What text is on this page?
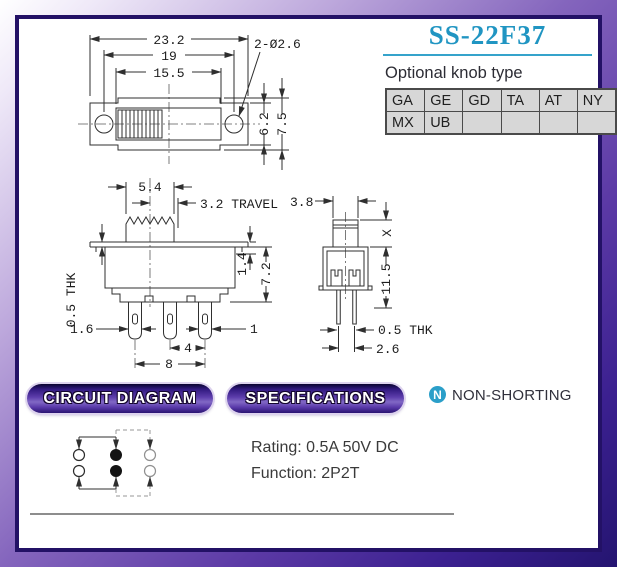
SS-22F37
Optional knob type
GA	GE	GD	TA	AT	NY
MX	UB				
23.2
19
15.5
2-Ø2.6
6.2 7.5
5.4
3.2 TRAVEL
0.5 THK
1.4 7.2
1.6	1
4
8
3.8
X
11.5
0.5 THK
2.6
CIRCUIT DIAGRAM	SPECIFICATIONS	N NON-SHORTING
Rating: 0.5A 50V DC
Function: 2P2T
